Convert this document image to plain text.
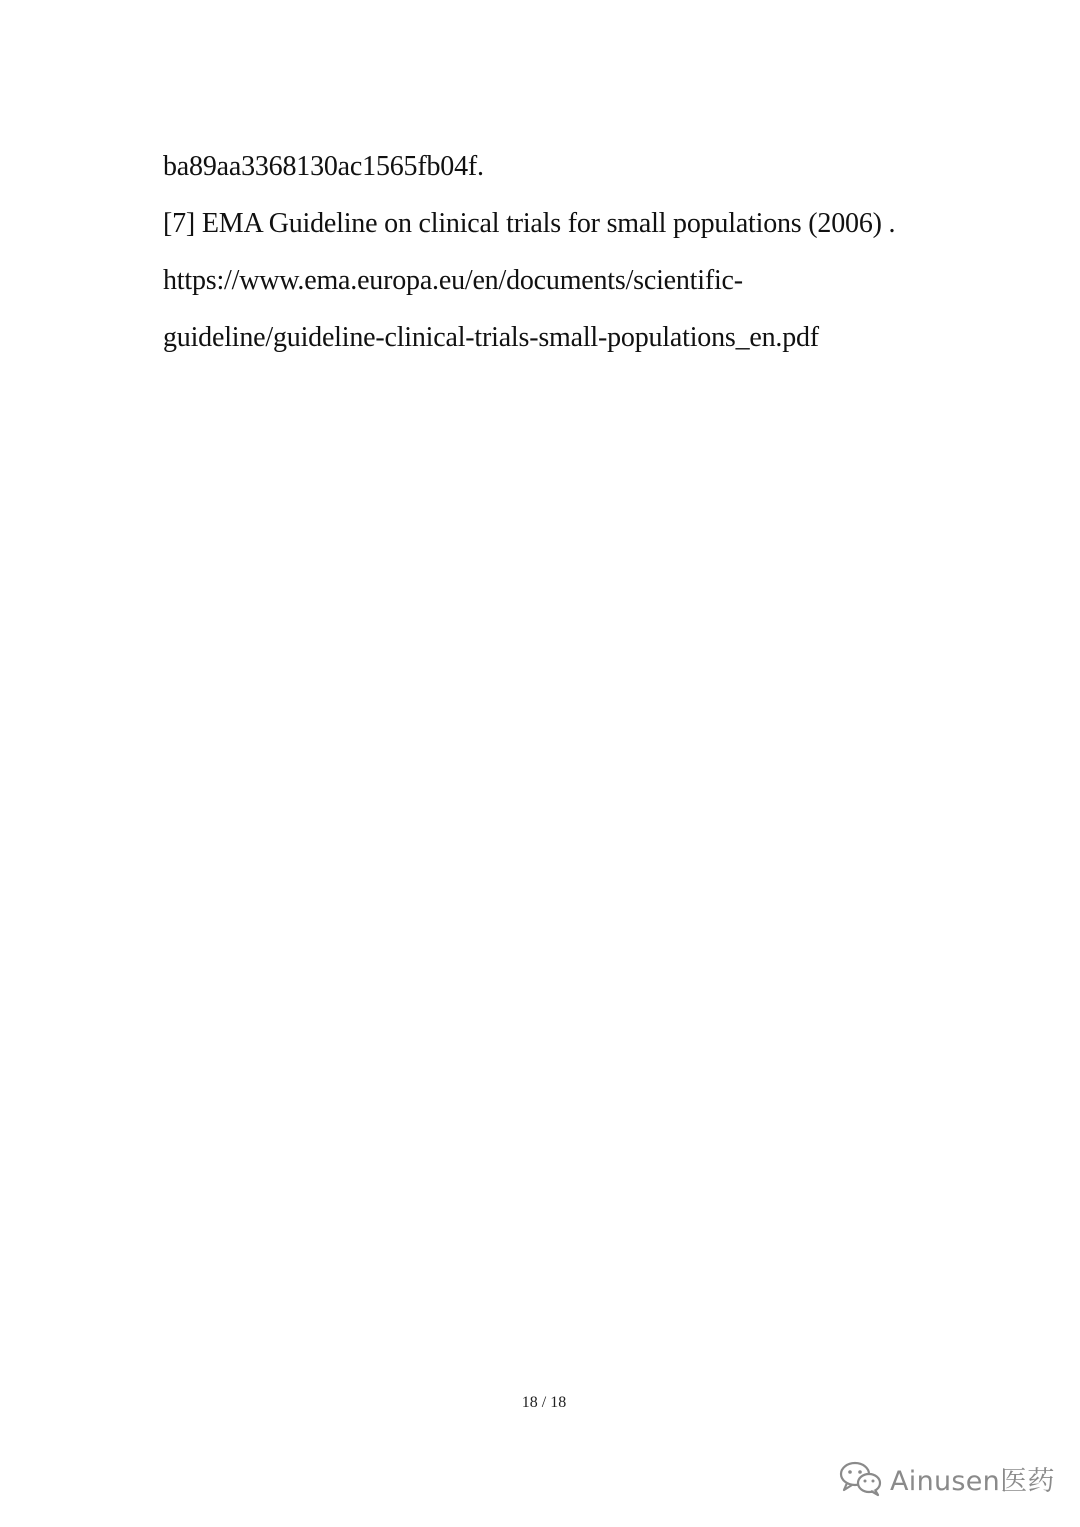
ba89aa3368130ac1565fb04f.
[7] EMA Guideline on clinical trials for small populations (2006) .
https://www.ema.europa.eu/en/documents/scientific-
guideline/guideline-clinical-trials-small-populations_en.pdf
18 / 18
Ainusen医药
